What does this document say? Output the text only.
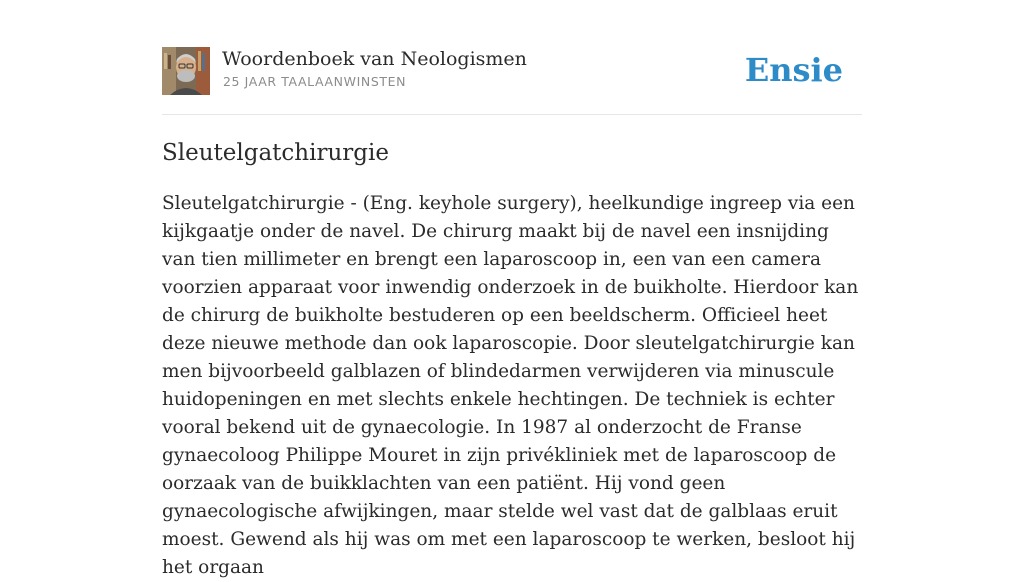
Woordenboek van Neologismen
25 JAAR TAALAANWINSTEN	Ensie
Sleutelgatchirurgie

Sleutelgatchirurgie - (Eng. keyhole surgery), heelkundige ingreep via een kijkgaatje onder de navel. De chirurg maakt bij de navel een insnijding van tien millimeter en brengt een laparoscoop in, een van een camera voorzien apparaat voor inwendig onderzoek in de buikholte. Hierdoor kan de chirurg de buikholte bestuderen op een beeldscherm. Officieel heet deze nieuwe methode dan ook laparoscopie. Door sleutelgatchirurgie kan men bijvoorbeeld galblazen of blindedarmen verwijderen via minuscule huidopeningen en met slechts enkele hechtingen. De techniek is echter vooral bekend uit de gynaecologie. In 1987 al onderzocht de Franse gynaecoloog Philippe Mouret in zijn privékliniek met de laparoscoop de oorzaak van de buikklachten van een patiënt. Hij vond geen gynaecologische afwijkingen, maar stelde wel vast dat de galblaas eruit moest. Gewend als hij was om met een laparoscoop te werken, besloot hij het orgaan
